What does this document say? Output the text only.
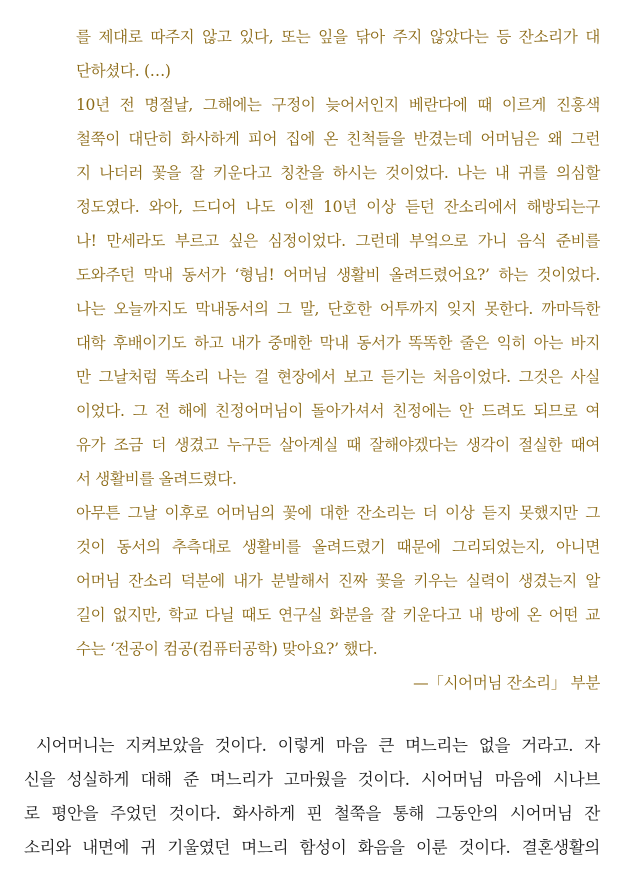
를 제대로 따주지 않고 있다, 또는 잎을 닦아 주지 않았다는 등 잔소리가 대
단하셨다. (…)
10년 전 명절날, 그해에는 구정이 늦어서인지 베란다에 때 이르게 진홍색
철쭉이 대단히 화사하게 피어 집에 온 친척들을 반겼는데 어머님은 왜 그런
지 나더러 꽃을 잘 키운다고 칭찬을 하시는 것이었다. 나는 내 귀를 의심할
정도였다. 와아, 드디어 나도 이젠 10년 이상 듣던 잔소리에서 해방되는구
나! 만세라도 부르고 싶은 심정이었다. 그런데 부엌으로 가니 음식 준비를
도와주던 막내 동서가 ‘형님! 어머님 생활비 올려드렸어요?’ 하는 것이었다.
나는 오늘까지도 막내동서의 그 말, 단호한 어투까지 잊지 못한다. 까마득한
대학 후배이기도 하고 내가 중매한 막내 동서가 똑똑한 줄은 익히 아는 바지
만 그날처럼 똑소리 나는 걸 현장에서 보고 듣기는 처음이었다. 그것은 사실
이었다. 그 전 해에 친정어머님이 돌아가셔서 친정에는 안 드려도 되므로 여
유가 조금 더 생겼고 누구든 살아계실 때 잘해야겠다는 생각이 절실한 때여
서 생활비를 올려드렸다.
아무튼 그날 이후로 어머님의 꽃에 대한 잔소리는 더 이상 듣지 못했지만 그
것이 동서의 추측대로 생활비를 올려드렸기 때문에 그리되었는지, 아니면
어머님 잔소리 덕분에 내가 분발해서 진짜 꽃을 키우는 실력이 생겼는지 알
길이 없지만, 학교 다닐 때도 연구실 화분을 잘 키운다고 내 방에 온 어떤 교
수는 ‘전공이 컴공(컴퓨터공학) 맞아요?’ 했다.
—「시어머님 잔소리」 부분
시어머니는 지켜보았을 것이다. 이렇게 마음 큰 며느리는 없을 거라고. 자
신을 성실하게 대해 준 며느리가 고마웠을 것이다. 시어머님 마음에 시나브
로 평안을 주었던 것이다. 화사하게 핀 철쭉을 통해 그동안의 시어머님 잔
소리와 내면에 귀 기울였던 며느리 함성이 화음을 이룬 것이다. 결혼생활의
